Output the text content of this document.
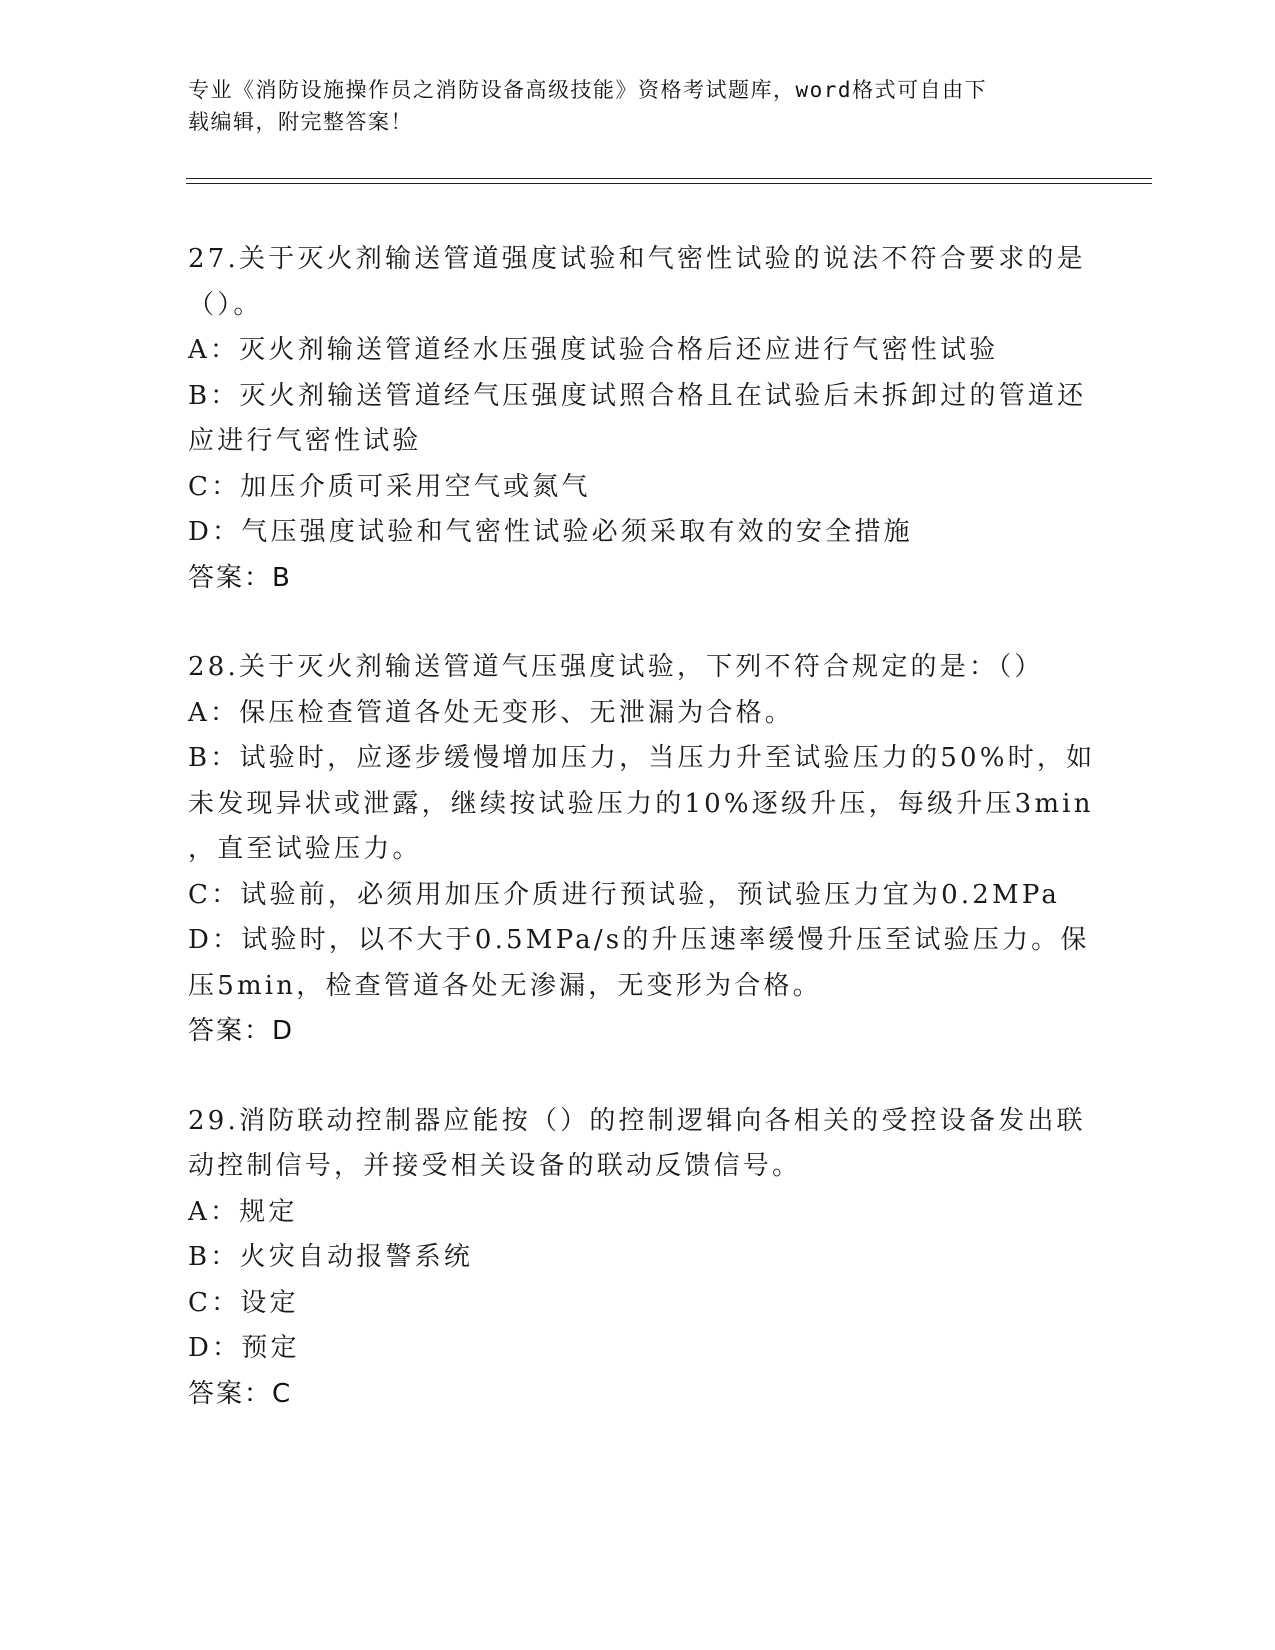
专业《消防设施操作员之消防设备高级技能》资格考试题库，word格式可自由下
载编辑，附完整答案！
27.关于灭火剂输送管道强度试验和气密性试验的说法不符合要求的是
（）。
A：灭火剂输送管道经水压强度试验合格后还应进行气密性试验
B：灭火剂输送管道经气压强度试照合格且在试验后未拆卸过的管道还
应进行气密性试验
C：加压介质可采用空气或氮气
D：气压强度试验和气密性试验必须采取有效的安全措施
答案：B
28.关于灭火剂输送管道气压强度试验，下列不符合规定的是：（）
A：保压检查管道各处无变形、无泄漏为合格。
B：试验时，应逐步缓慢增加压力，当压力升至试验压力的50%时，如
未发现异状或泄露，继续按试验压力的10%逐级升压，每级升压3min
，直至试验压力。
C：试验前，必须用加压介质进行预试验，预试验压力宜为0.2MPa
D：试验时，以不大于0.5MPa/s的升压速率缓慢升压至试验压力。保
压5min，检查管道各处无渗漏，无变形为合格。
答案：D
29.消防联动控制器应能按（）的控制逻辑向各相关的受控设备发出联
动控制信号，并接受相关设备的联动反馈信号。
A：规定
B：火灾自动报警系统
C：设定
D：预定
答案：C
